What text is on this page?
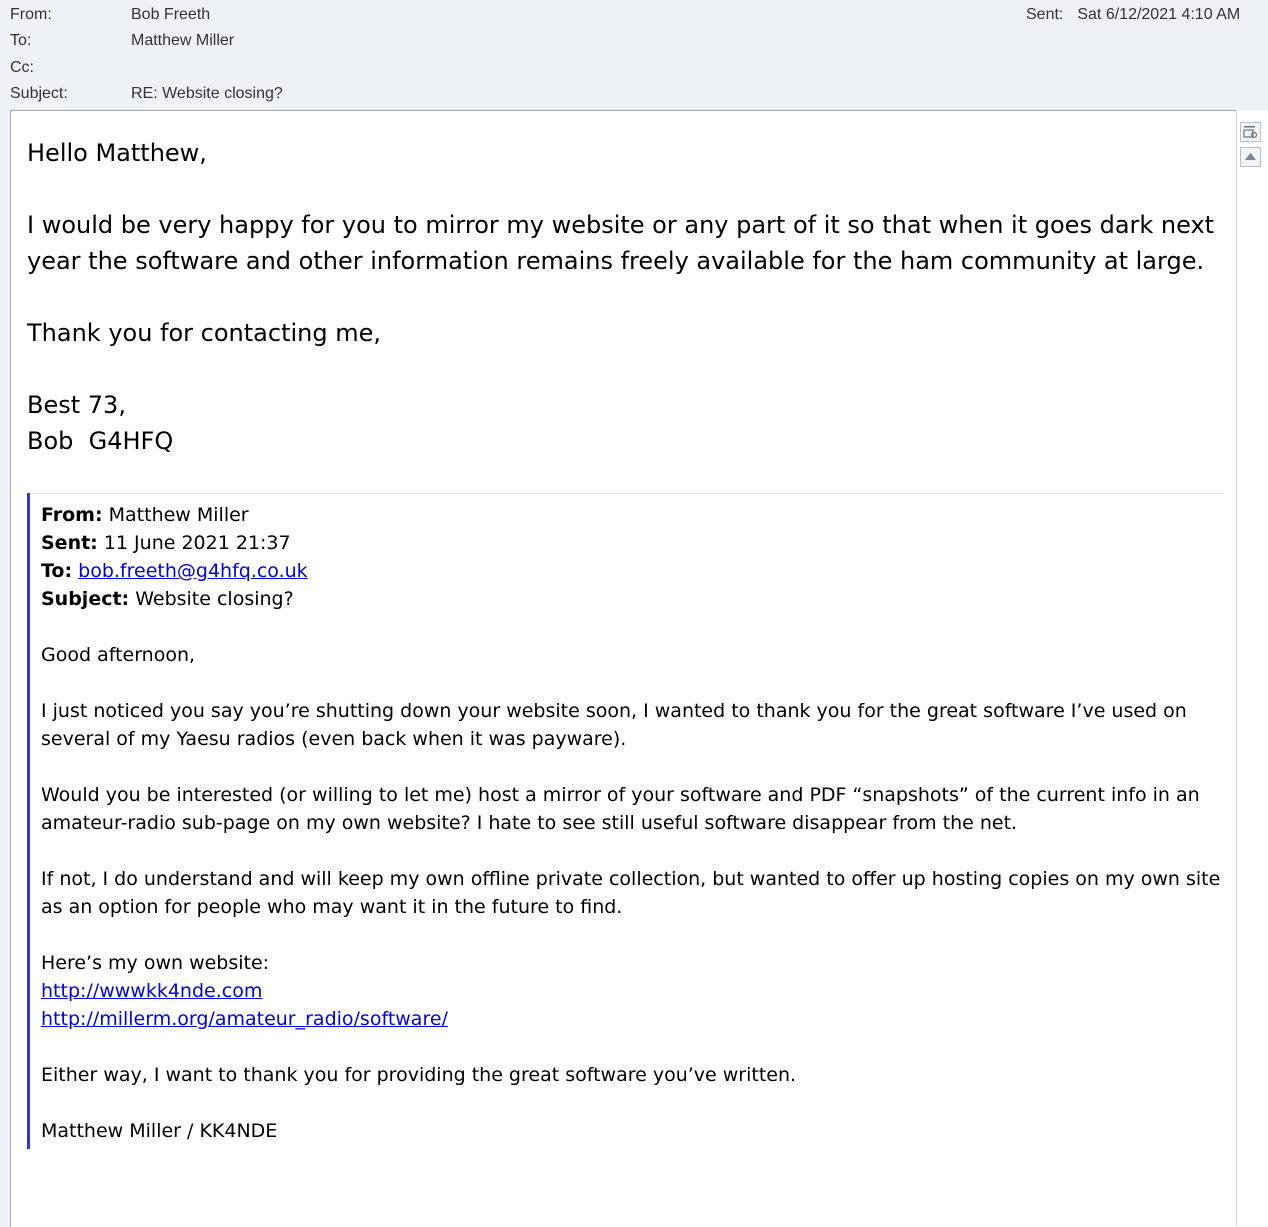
From:	Bob Freeth
To:	Matthew Miller
Cc:
Subject:	RE: Website closing?
Sent: Sat 6/12/2021 4:10 AM
Hello Matthew,
I would be very happy for you to mirror my website or any part of it so that when it goes dark next year the software and other information remains freely available for the ham community at large.
Thank you for contacting me,
Best 73,
Bob  G4HFQ
From: Matthew Miller
Sent: 11 June 2021 21:37
To: bob.freeth@g4hfq.co.uk
Subject: Website closing?
Good afternoon,
I just noticed you say you’re shutting down your website soon, I wanted to thank you for the great software I’ve used on several of my Yaesu radios (even back when it was payware).
Would you be interested (or willing to let me) host a mirror of your software and PDF “snapshots” of the current info in an amateur-radio sub-page on my own website? I hate to see still useful software disappear from the net.
If not, I do understand and will keep my own offline private collection, but wanted to offer up hosting copies on my own site as an option for people who may want it in the future to find.
Here’s my own website:
http://wwwkk4nde.com
http://millerm.org/amateur_radio/software/
Either way, I want to thank you for providing the great software you’ve written.
Matthew Miller / KK4NDE
